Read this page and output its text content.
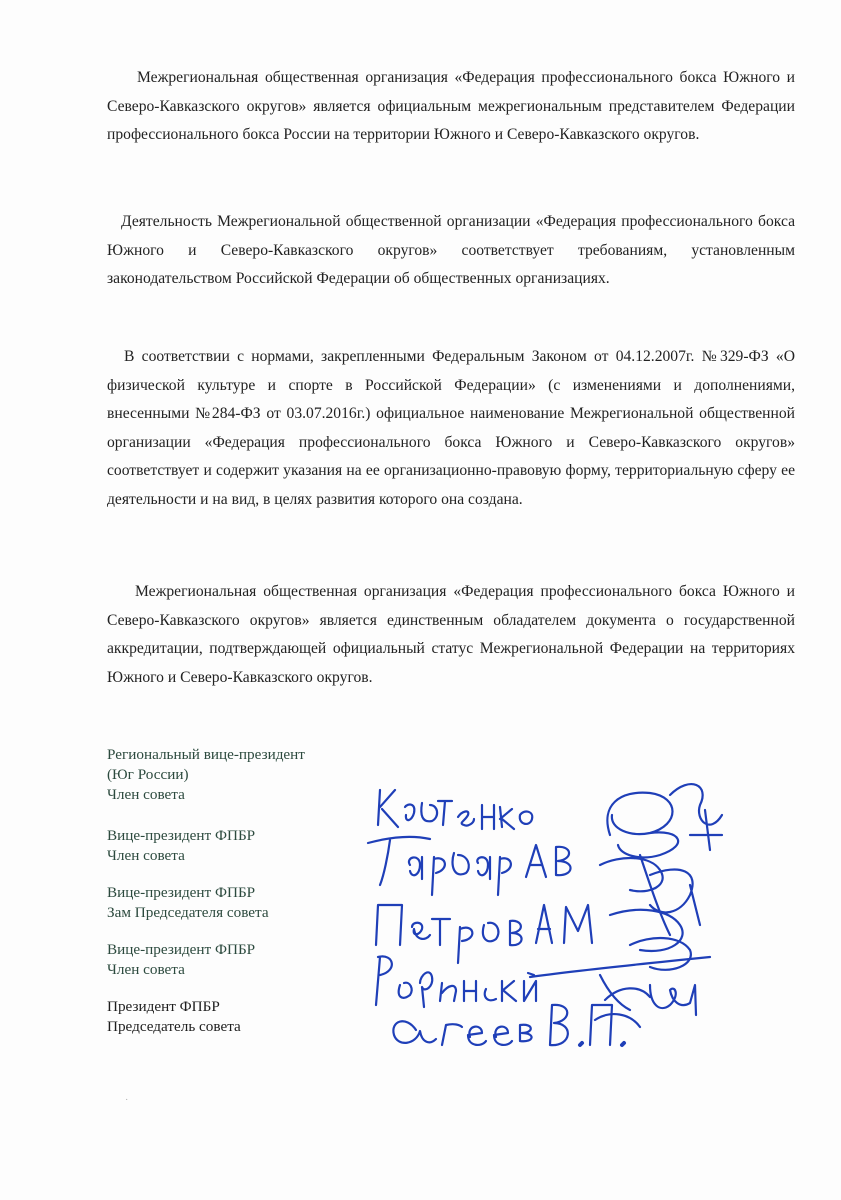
Межрегиональная общественная организация «Федерация профессионального бокса Южного и Северо-Кавказского округов» является официальным межрегиональным представителем Федерации профессионального бокса России на территории Южного и Северо-Кавказского округов.

Деятельность Межрегиональной общественной организации «Федерация профессионального бокса Южного и Северо-Кавказского округов» соответствует требованиям, установленным законодательством Российской Федерации об общественных организациях.

В соответствии с нормами, закрепленными Федеральным Законом от 04.12.2007г. №329-ФЗ «О физической культуре и спорте в Российской Федерации» (с изменениями и дополнениями, внесенными №284-ФЗ от 03.07.2016г.) официальное наименование Межрегиональной общественной организации «Федерация профессионального бокса Южного и Северо-Кавказского округов» соответствует и содержит указания на ее организационно-правовую форму, территориальную сферу ее деятельности и на вид, в целях развития которого она создана.

Межрегиональная общественная организация «Федерация профессионального бокса Южного и Северо-Кавказского округов» является единственным обладателем документа о государственной аккредитации, подтверждающей официальный статус Межрегиональной Федерации на территориях Южного и Северо-Кавказского округов.

Региональный вице-президент
(Юг России)
Член совета
Вице-президент ФПБР
Член совета
Вице-президент ФПБР
Зам Председателя совета
Вице-президент ФПБР
Член совета
Президент ФПБР
Председатель совета
˙
